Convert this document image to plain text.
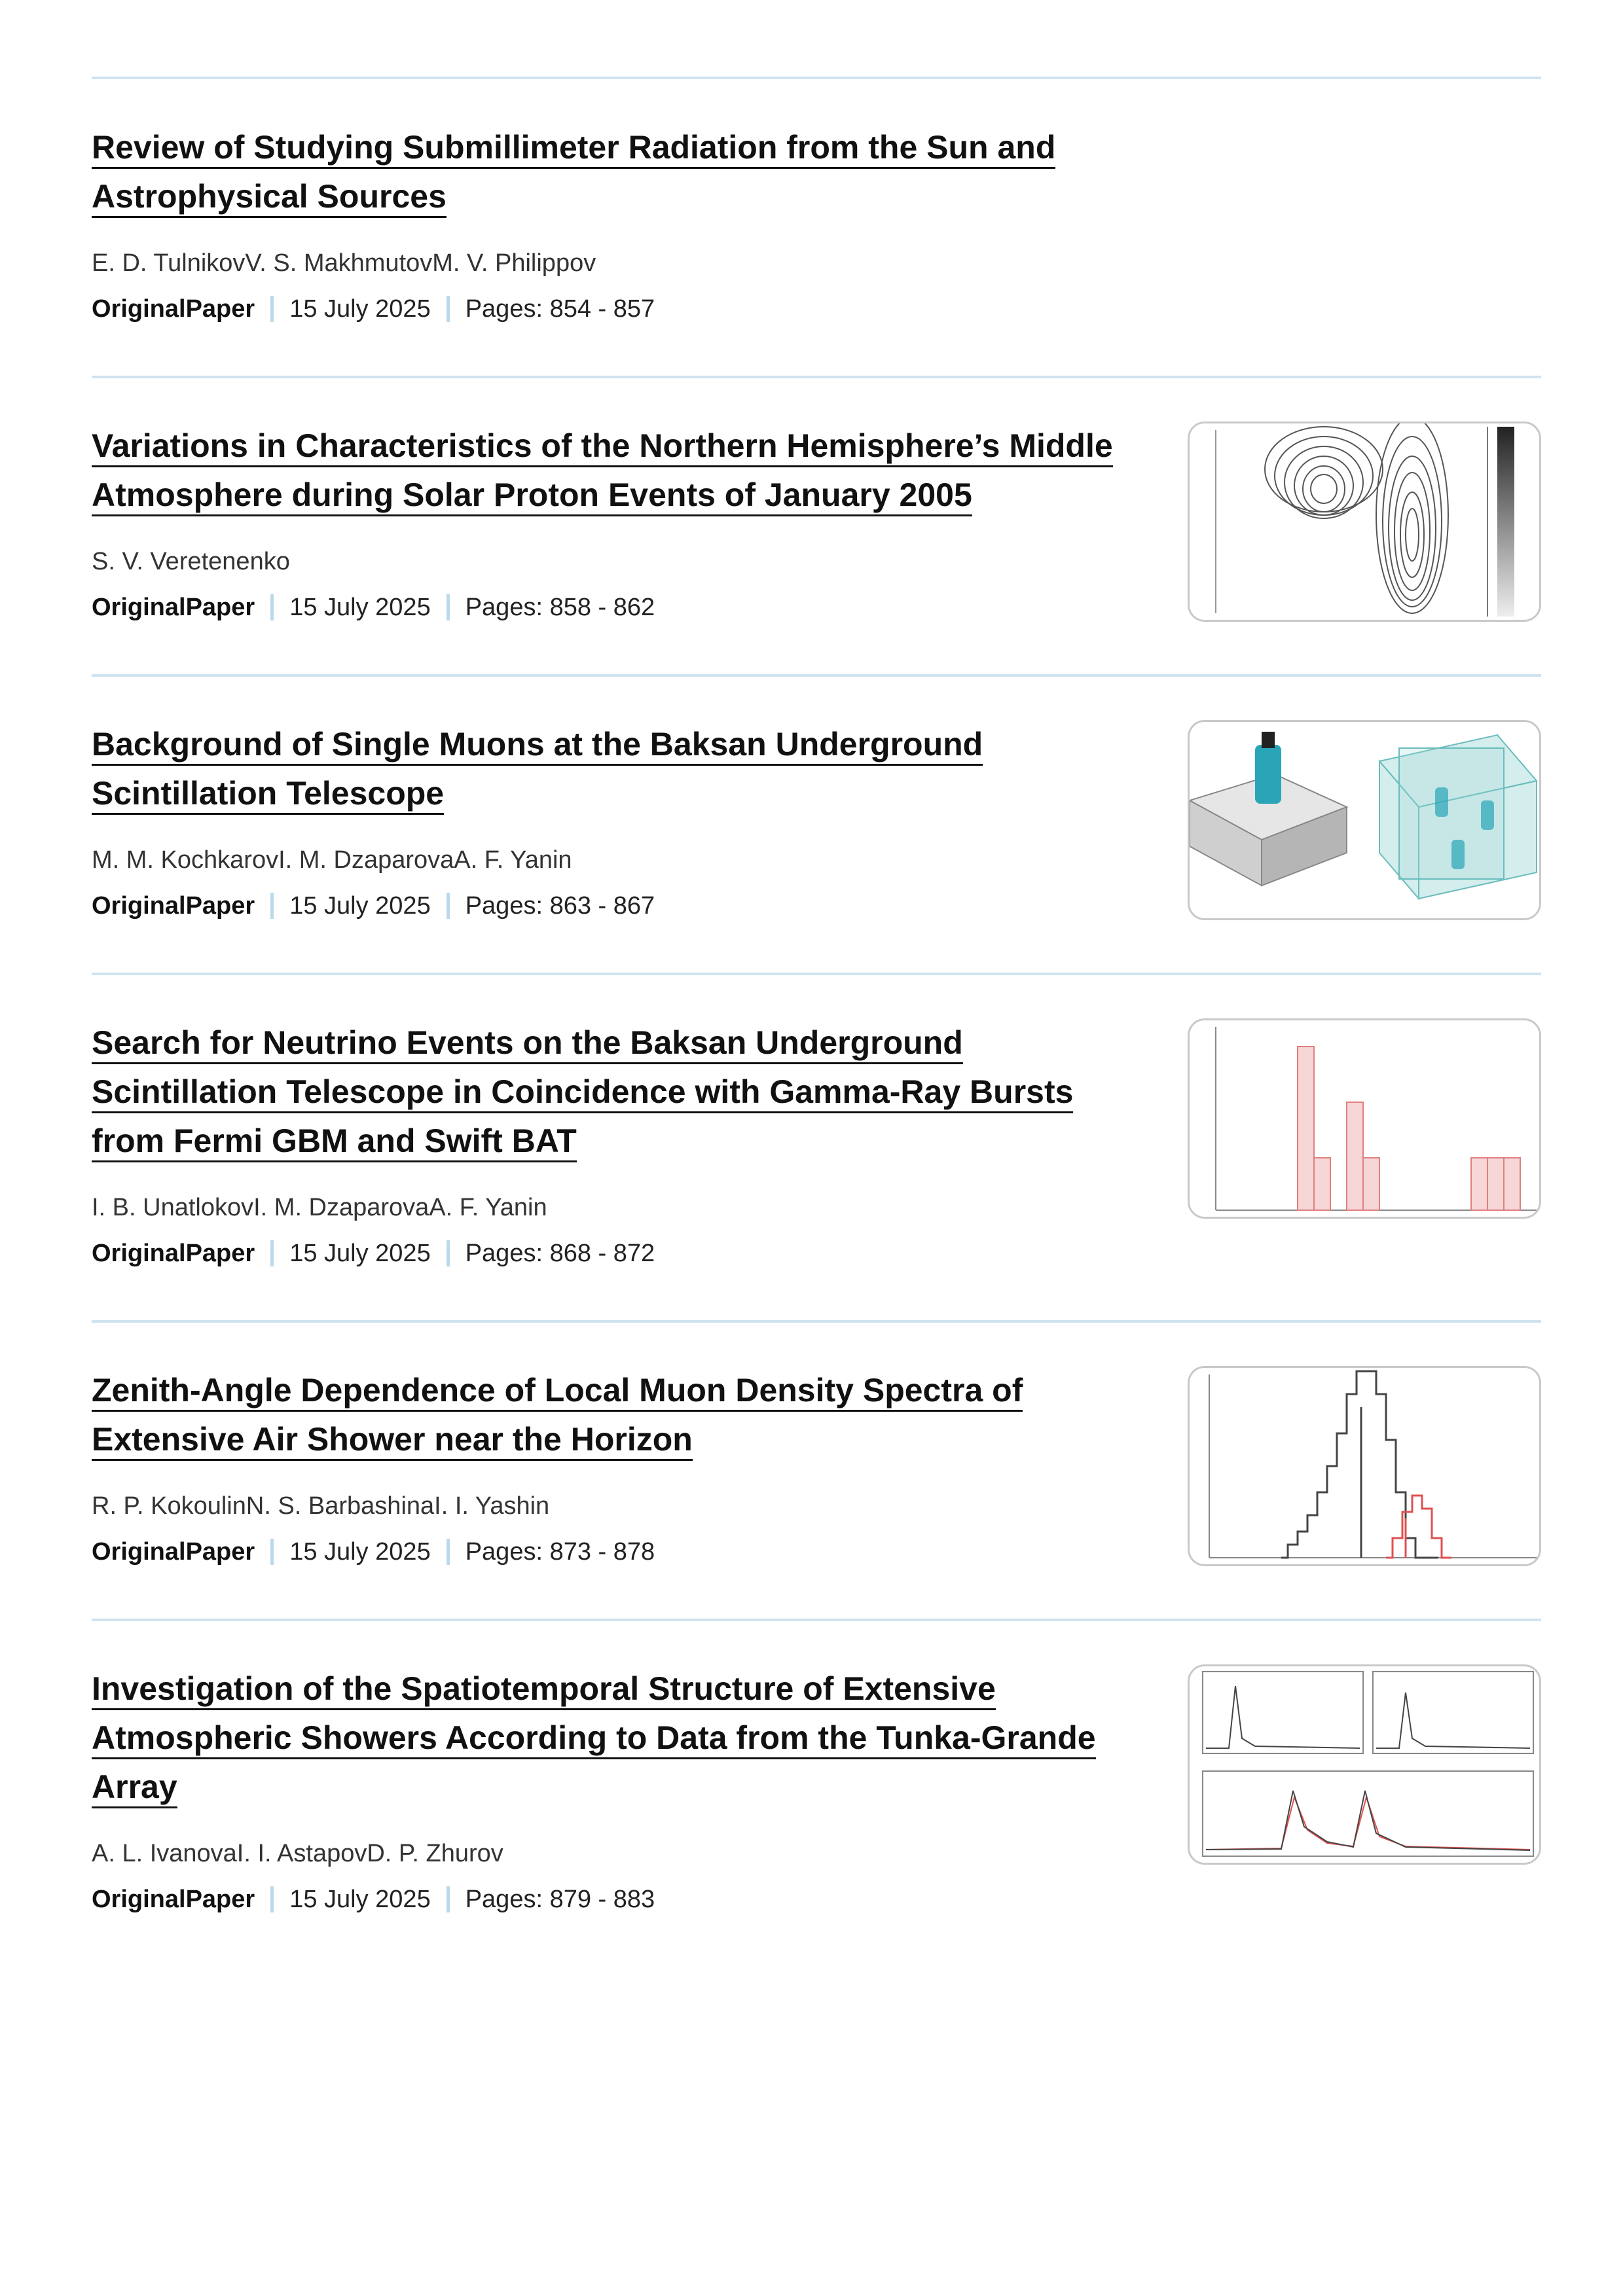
Review of Studying Submillimeter Radiation from the Sun and Astrophysical Sources
E. D. TulnikovV. S. MakhmutovM. V. Philippov
OriginalPaper 15 July 2025 Pages: 854 - 857
Variations in Characteristics of the Northern Hemisphere’s Middle Atmosphere during Solar Proton Events of January 2005
S. V. Veretenenko
OriginalPaper 15 July 2025 Pages: 858 - 862
Background of Single Muons at the Baksan Underground Scintillation Telescope
M. M. KochkarovI. M. DzaparovaA. F. Yanin
OriginalPaper 15 July 2025 Pages: 863 - 867
Search for Neutrino Events on the Baksan Underground Scintillation Telescope in Coincidence with Gamma-Ray Bursts from Fermi GBM and Swift BAT
I. B. UnatlokovI. M. DzaparovaA. F. Yanin
OriginalPaper 15 July 2025 Pages: 868 - 872
Zenith-Angle Dependence of Local Muon Density Spectra of Extensive Air Shower near the Horizon
R. P. KokoulinN. S. BarbashinaI. I. Yashin
OriginalPaper 15 July 2025 Pages: 873 - 878
Investigation of the Spatiotemporal Structure of Extensive Atmospheric Showers According to Data from the Tunka-Grande Array
A. L. IvanovaI. I. AstapovD. P. Zhurov
OriginalPaper 15 July 2025 Pages: 879 - 883
